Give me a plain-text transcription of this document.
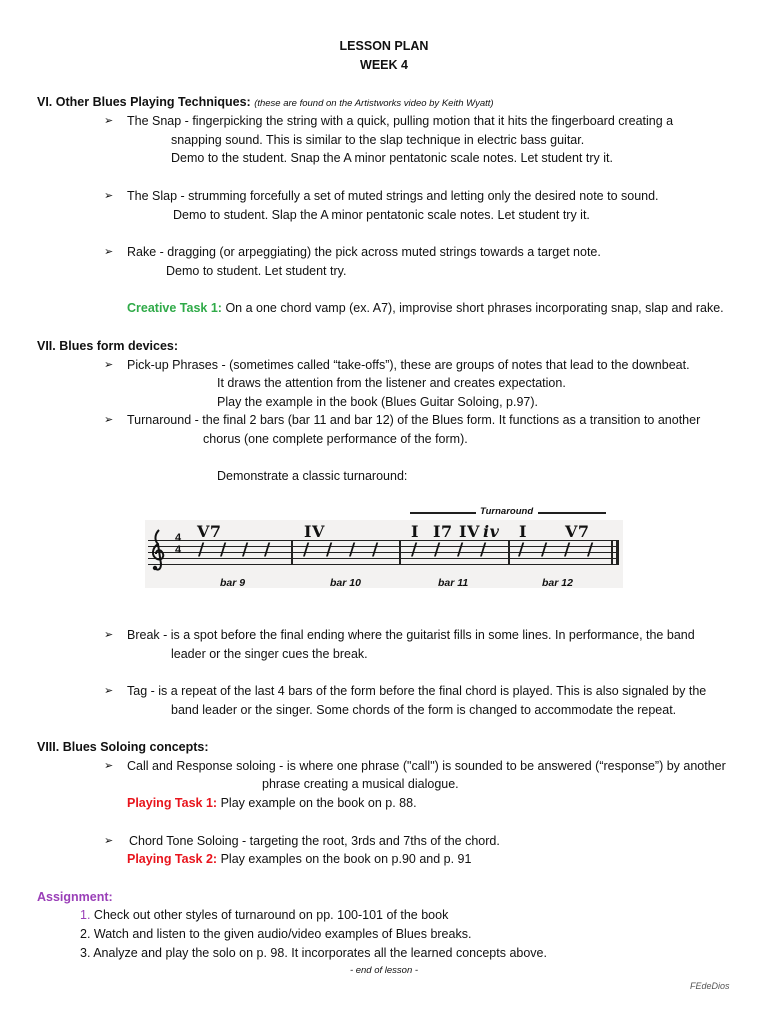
LESSON PLAN
WEEK 4
VI. Other Blues Playing Techniques: (these are found on the Artistworks video by Keith Wyatt)
➢ The Snap - fingerpicking the string with a quick, pulling motion that it hits the fingerboard creating a
snapping sound. This is similar to the slap technique in electric bass guitar.
Demo to the student. Snap the A minor pentatonic scale notes. Let student try it.
➢ The Slap - strumming forcefully a set of muted strings and letting only the desired note to sound.
Demo to student. Slap the A minor pentatonic scale notes. Let student try it.
➢ Rake - dragging (or arpeggiating) the pick across muted strings towards a target note.
Demo to student. Let student try.
Creative Task 1: On a one chord vamp (ex. A7), improvise short phrases incorporating snap, slap and rake.
VII. Blues form devices:
➢ Pick-up Phrases - (sometimes called “take-offs”), these are groups of notes that lead to the downbeat.
It draws the attention from the listener and creates expectation.
Play the example in the book (Blues Guitar Soloing, p.97).
➢ Turnaround - the final 2 bars (bar 11 and bar 12) of the Blues form. It functions as a transition to another
chorus (one complete performance of the form).
Demonstrate a classic turnaround:
Turnaround
4
4 / / / / / / / / / / / / / / / /
V7	IV	I I7 IV iv I V7
bar 9	bar 10	bar 11	bar 12
➢ Break - is a spot before the final ending where the guitarist fills in some lines. In performance, the band
leader or the singer cues the break.
➢ Tag - is a repeat of the last 4 bars of the form before the final chord is played. This is also signaled by the
band leader or the singer. Some chords of the form is changed to accommodate the repeat.
VIII. Blues Soloing concepts:
➢ Call and Response soloing - is where one phrase ("call") is sounded to be answered (“response”) by another
phrase creating a musical dialogue.
Playing Task 1: Play example on the book on p. 88.
➢ Chord Tone Soloing - targeting the root, 3rds and 7ths of the chord.
Playing Task 2: Play examples on the book on p.90 and p. 91
Assignment:
1. Check out other styles of turnaround on pp. 100-101 of the book
2. Watch and listen to the given audio/video examples of Blues breaks.
3. Analyze and play the solo on p. 98. It incorporates all the learned concepts above.
- end of lesson -
FEdeDios
